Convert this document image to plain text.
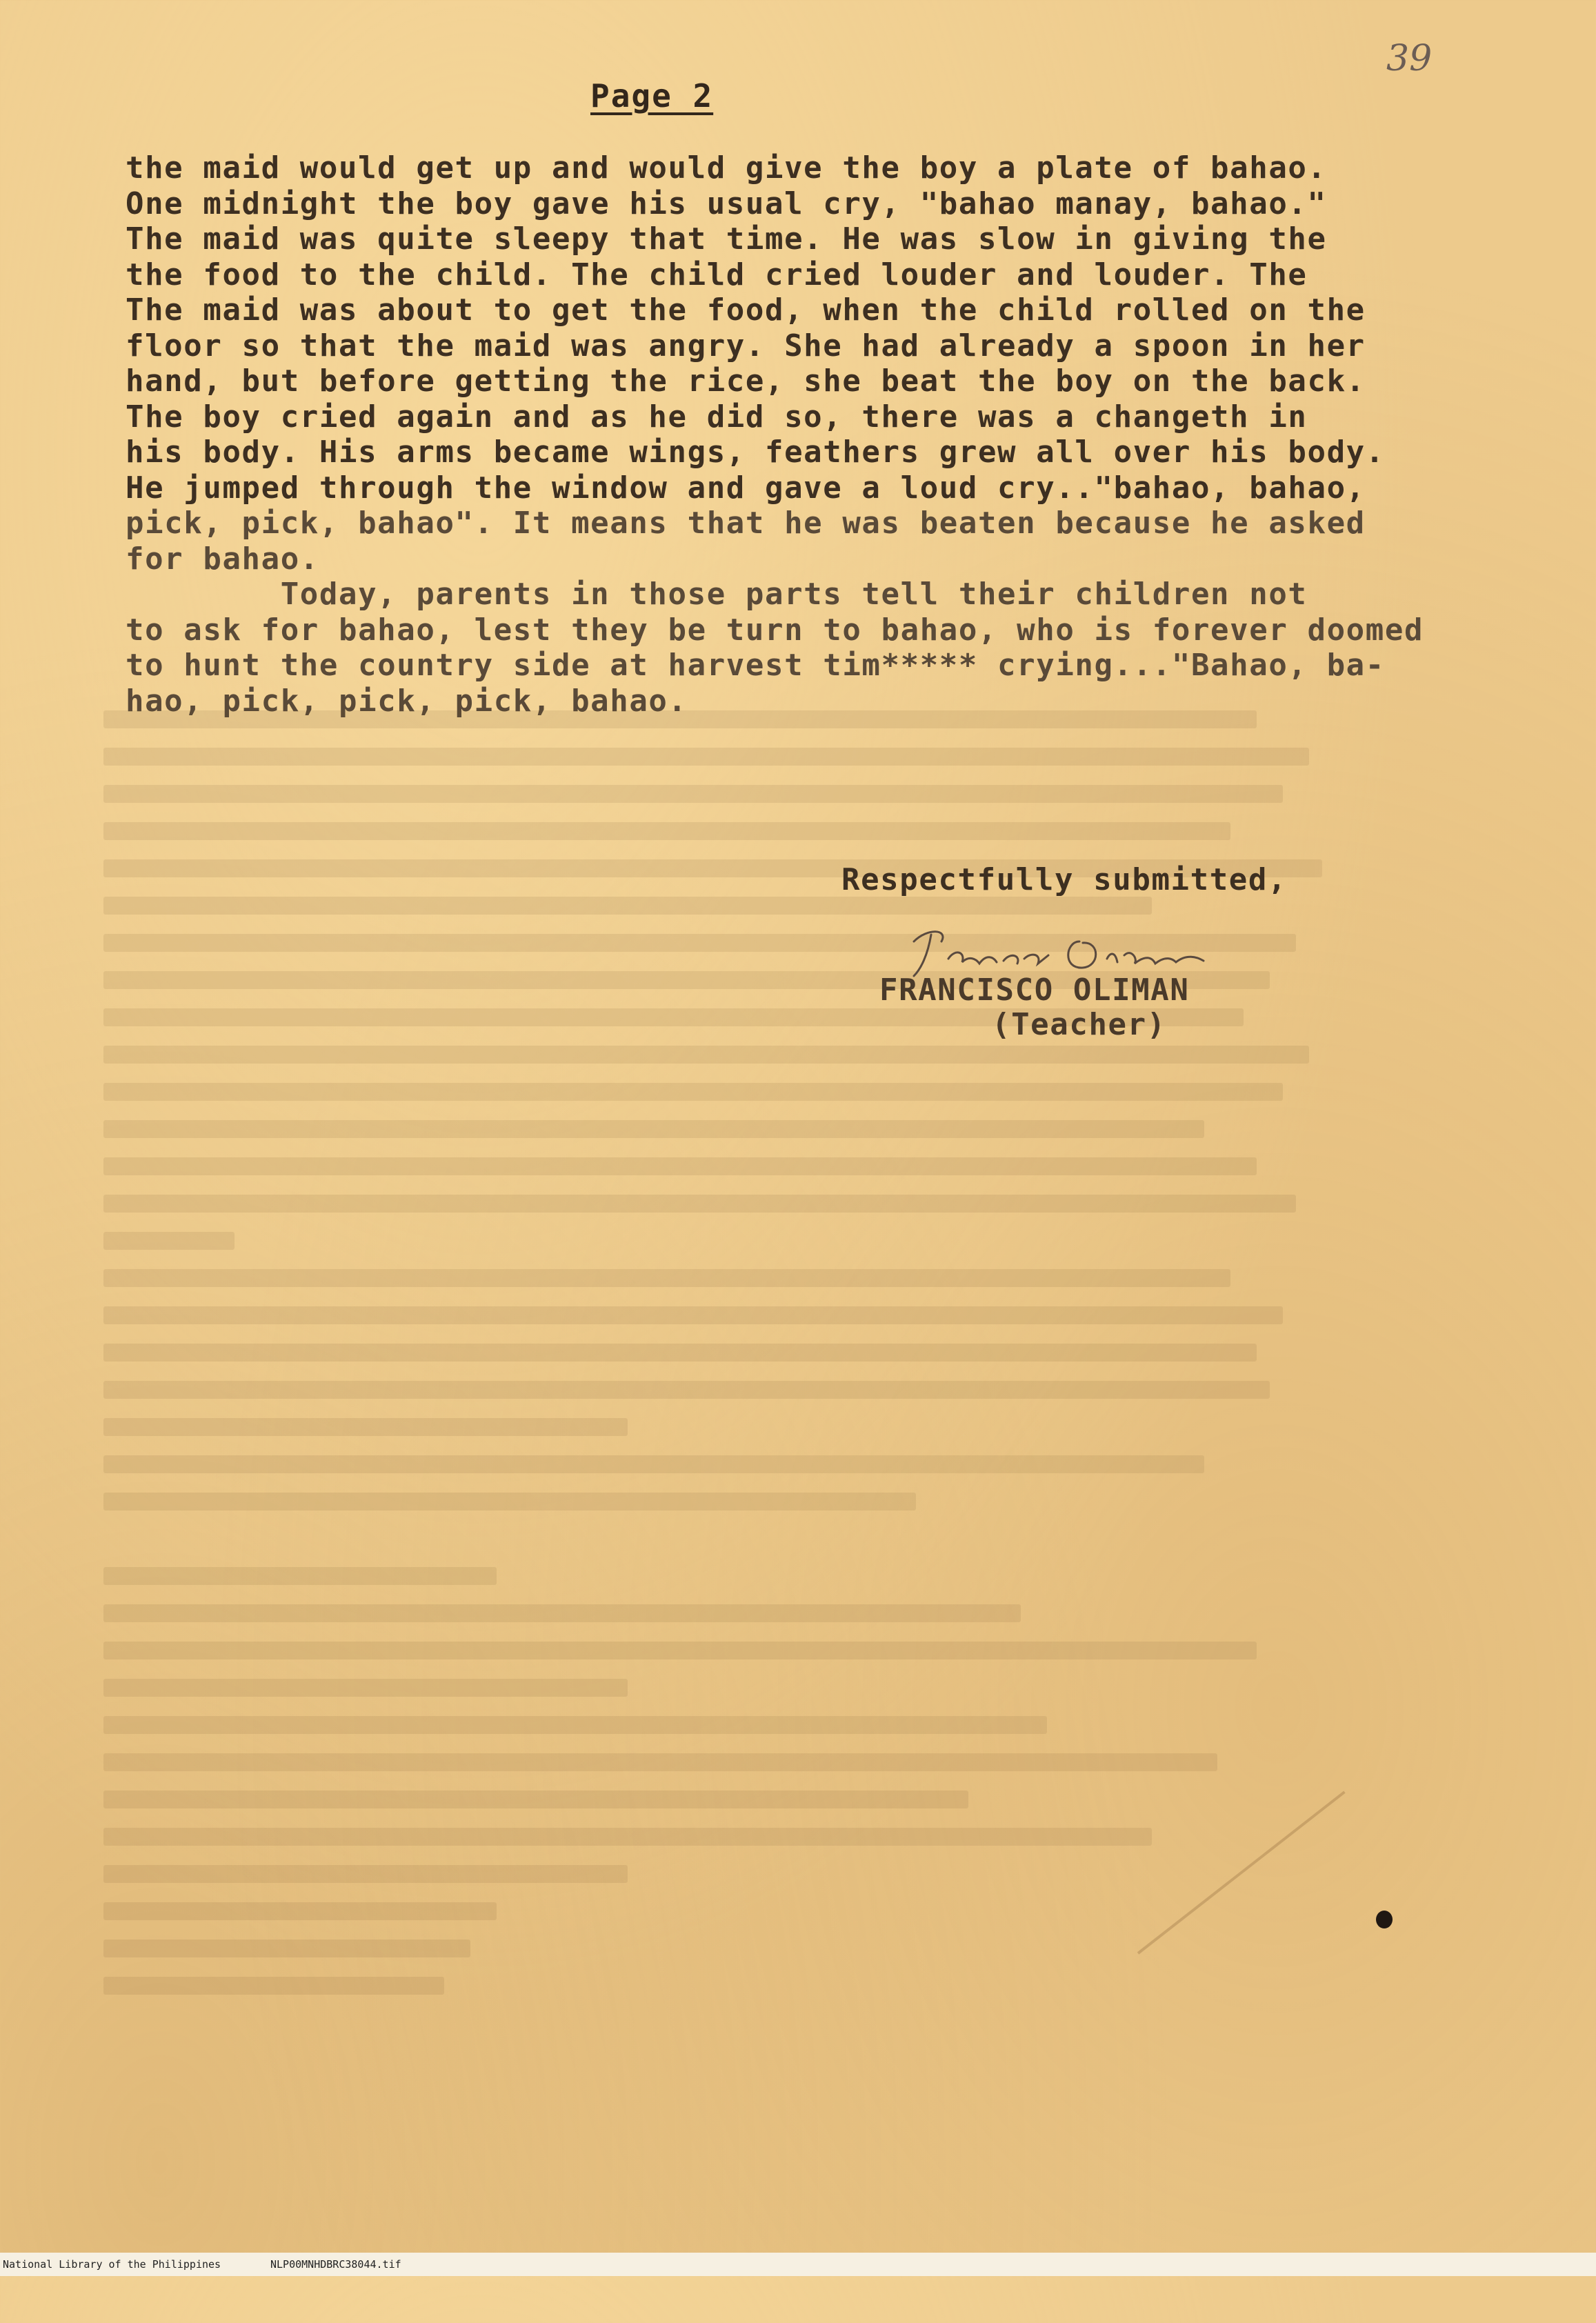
39
Page 2
the maid would get up and would give the boy a plate of bahao.
One midnight the boy gave his usual cry, "bahao manay, bahao."
The maid was quite sleepy that time. He was slow in giving the
the food to the child. The child cried louder and louder. The
The maid was about to get the food, when the child rolled on the
floor so that the maid was angry. She had already a spoon in her
hand, but before getting the rice, she beat the boy on the back.
The boy cried again and as he did so, there was a changeth in
his body. His arms became wings, feathers grew all over his body.
He jumped through the window and gave a loud cry.."bahao, bahao,
pick, pick, bahao". It means that he was beaten because he asked
for bahao.
Today, parents in those parts tell their children not
to ask for bahao, lest they be turn to bahao, who is forever doomed
to hunt the country side at harvest tim***** crying..."Bahao, ba-
hao, pick, pick, pick, bahao.
Respectfully submitted,
FRANCISCO OLIMAN
(Teacher)

National Library of the Philippines

	NLP00MNHDBRC38044.tif
